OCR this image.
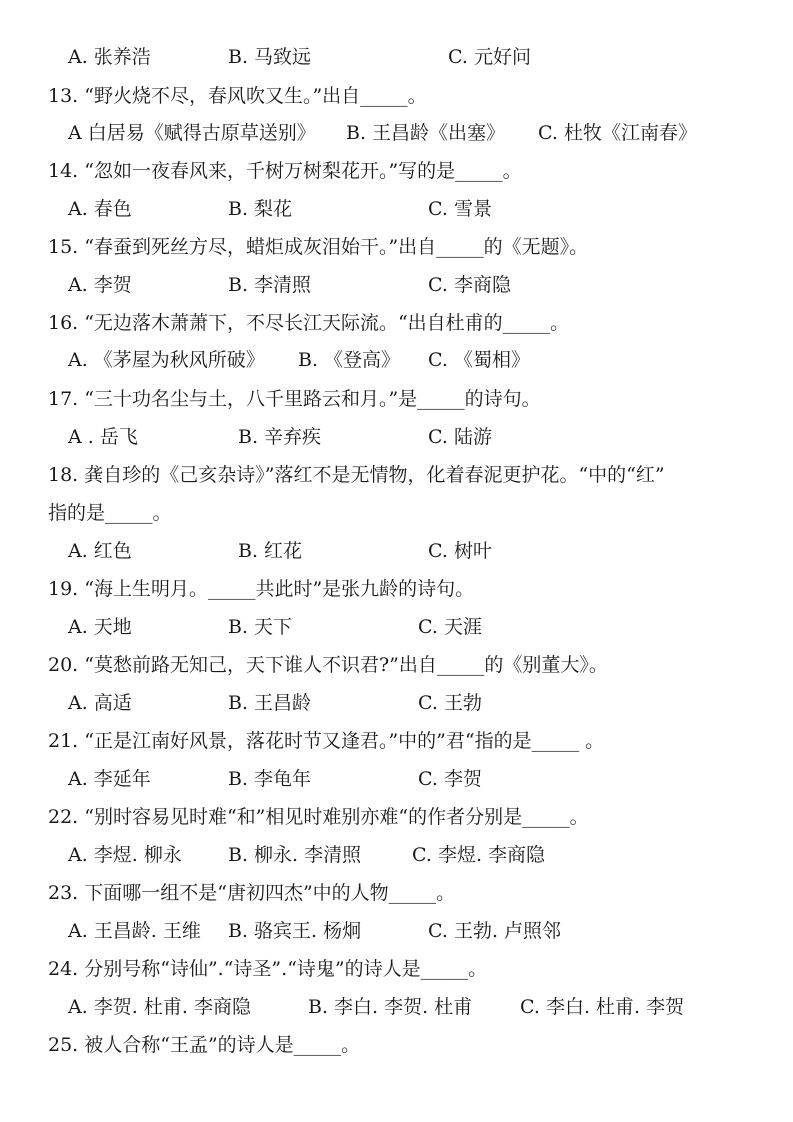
A. 张养浩	B. 马致远	C. 元好问
13. “野火烧不尽，春风吹又生。”出自_____。
A 白居易《赋得古原草送别》 B. 王昌龄《出塞》 C. 杜牧《江南春》
14. “忽如一夜春风来，千树万树梨花开。”写的是_____。
A. 春色	B. 梨花	C. 雪景
15. “春蚕到死丝方尽，蜡炬成灰泪始干。”出自_____的《无题》。
A. 李贺	B. 李清照	C. 李商隐
16. “无边落木萧萧下，不尽长江天际流。“出自杜甫的_____。
A. 《茅屋为秋风所破》 B. 《登高》 C. 《蜀相》
17. “三十功名尘与土，八千里路云和月。”是_____的诗句。
A . 岳飞	B. 辛弃疾	C. 陆游
18. 龚自珍的《己亥杂诗》”落红不是无情物，化着春泥更护花。“中的“红”
指的是_____。
A. 红色	B. 红花	C. 树叶
19. “海上生明月。_____共此时”是张九龄的诗句。
A. 天地	B. 天下	C. 天涯
20. “莫愁前路无知己，天下谁人不识君?”出自_____的《别董大》。
A. 高适	B. 王昌龄	C. 王勃
21. “正是江南好风景，落花时节又逢君。”中的”君“指的是_____ 。
A. 李延年	B. 李龟年	C. 李贺
22. “别时容易见时难“和”相见时难别亦难“的作者分别是_____。
A. 李煜. 柳永 B. 柳永. 李清照	C. 李煜. 李商隐
23. 下面哪一组不是“唐初四杰”中的人物_____。
A. 王昌龄. 王维 B. 骆宾王. 杨炯	C. 王勃. 卢照邻
24. 分别号称“诗仙”.“诗圣”.“诗鬼”的诗人是_____。
A. 李贺. 杜甫. 李商隐	B. 李白. 李贺. 杜甫	C. 李白. 杜甫. 李贺
25. 被人合称“王孟”的诗人是_____。
